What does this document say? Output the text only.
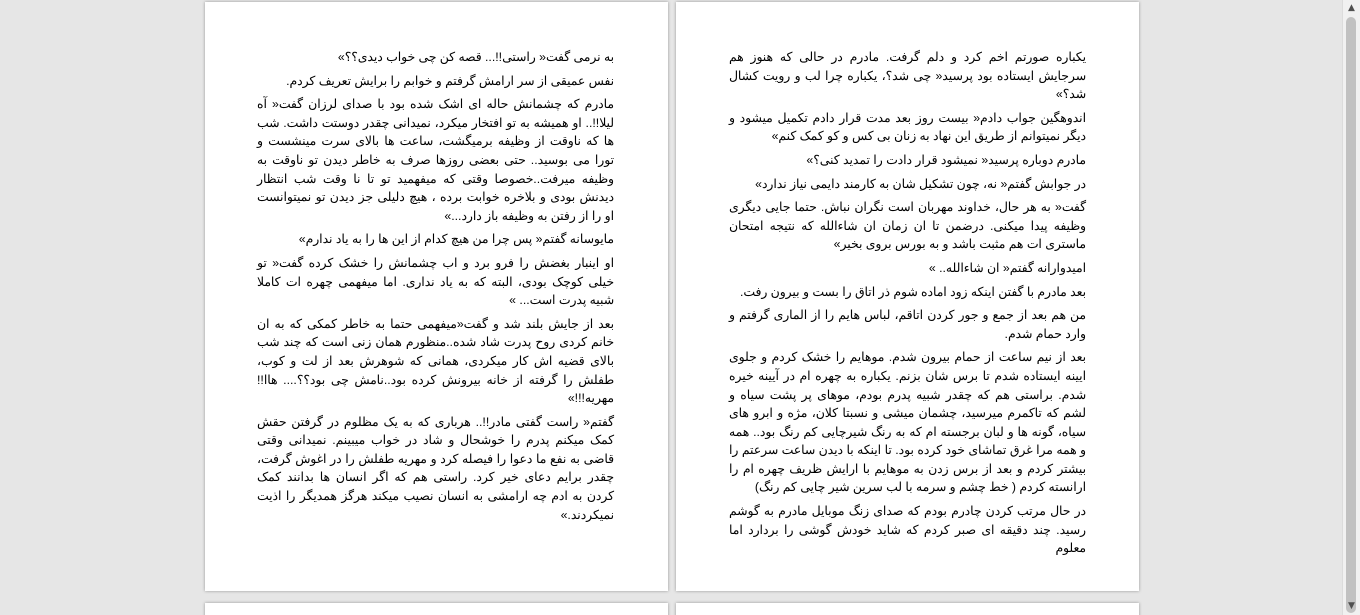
به نرمی گفت« راستی!!... قصه کن چی خواب دیدی؟؟»

نفس عمیقی از سر ارامش گرفتم و خوابم را برایش تعریف کردم.

مادرم که چشمانش حاله ای اشک شده بود با صدای لرزان گفت« آه لیلا!!.. او همیشه به تو افتخار میکرد، نمیدانی چقدر دوستت داشت. شب ها که ناوقت از وظیفه برمیگشت، ساعت ها بالای سرت مینشست و تورا می بوسید.. حتی بعضی روزها صرف به خاطر دیدن تو ناوقت به وظیفه میرفت..خصوصا وقتی که میفهمید تو تا نا وقت شب انتظار دیدنش بودی و بلاخره خوابت برده ، هیچ دلیلی جز دیدن تو نمیتوانست او را از رفتن به وظیفه باز دارد...»

مایوسانه گفتم« پس چرا من هیچ کدام از این ها را به یاد ندارم»

او اینبار بغضش را فرو برد و اب چشمانش را خشک کرده گفت« تو خیلی کوچک بودی، البته که به یاد نداری. اما میفهمی چهره ات کاملا شبیه پدرت است... »

بعد از جایش بلند شد و گفت«میفهمی حتما به خاطر کمکی که به ان خانم کردی روح پدرت شاد شده..منظورم همان زنی است که چند شب بالای قضیه اش کار میکردی، همانی که شوهرش بعد از لت و کوب، طفلش را گرفته از خانه بیرونش کرده بود..نامش چی بود؟؟.... هاا!! مهریه!!!»

گفتم« راست گفتی مادر!!.. هرباری که به یک مظلوم در گرفتن حقش کمک میکنم پدرم را خوشحال و شاد در خواب میبینم. نمیدانی وقتی قاضی به نفع ما دعوا را فیصله کرد و مهریه طفلش را در اغوش گرفت، چقدر برایم دعای خیر کرد. راستی هم که اگر انسان ها بدانند کمک کردن به ادم چه ارامشی به انسان نصیب میکند هرگز همدیگر را اذیت نمیکردند.»

یکباره صورتم اخم کرد و دلم گرفت. مادرم در حالی که هنوز هم سرجایش ایستاده بود پرسید« چی شد؟، یکباره چرا لب و رویت کشال شد؟»

اندوهگین جواب دادم« بیست روز بعد مدت قرار دادم تکمیل میشود و دیگر نمیتوانم از طریق این نهاد به زنان بی کس و کو کمک کنم»

مادرم دوباره پرسید« نمیشود قرار دادت را تمدید کنی؟»

در جوابش گفتم« نه، چون تشکیل شان به کارمند دایمی نیاز ندارد»

گفت« به هر حال، خداوند مهربان است نگران نباش. حتما جایی دیگری وظیفه پیدا میکنی. درضمن تا ان زمان ان شاءالله که نتیجه امتحان ماستری ات هم مثبت باشد و به بورس بروی بخیر»

امیدوارانه گفتم« ان شاءالله.. »

بعد مادرم با گفتن اینکه زود اماده شوم ذر اتاق را بست و بیرون رفت.

من هم بعد از جمع و جور کردن اتاقم، لباس هایم را از الماری گرفتم و وارد حمام شدم.

بعد از نیم ساعت از حمام بیرون شدم. موهایم را خشک کردم و جلوی ایینه ایستاده شدم تا برس شان بزنم. یکباره به چهره ام در آیینه خیره شدم. براستی هم که چقدر شبیه پدرم بودم، موهای پر پشت سیاه و لشم که تاکمرم میرسید، چشمان میشی و نسبتا کلان، مژه و ابرو های سیاه، گونه ها و لبان برجسته ام که به رنگ شیرچایی کم رنگ بود.. همه و همه مرا غرق تماشای خود کرده بود. تا اینکه با دیدن ساعت سرعتم را بیشتر کردم و بعد از برس زدن به موهایم با ارایش ظریف چهره ام را ارانسته کردم ( خط چشم و سرمه با لب سرین شیر چایی کم رنگ)

در حال مرتب کردن چادرم بودم که صدای زنگ موبایل مادرم به گوشم رسید. چند دقیقه ای صبر کردم که شاید خودش گوشی را بردارد اما معلوم

▲
▼
